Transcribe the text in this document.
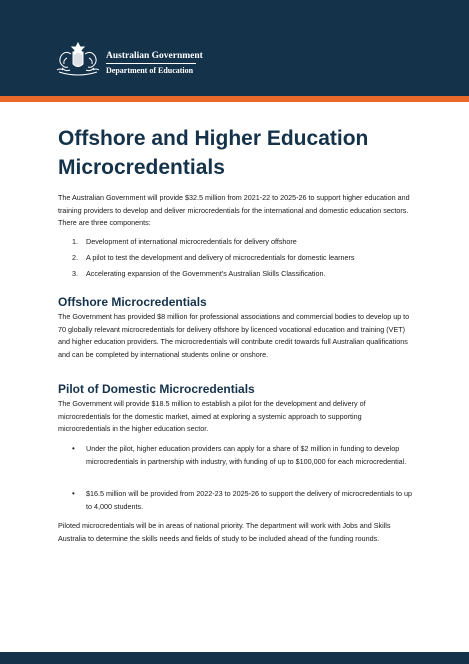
Australian Government
Department of Education
Offshore and Higher Education Microcredentials

The Australian Government will provide $32.5 million from 2021-22 to 2025-26 to support higher education and training providers to develop and deliver microcredentials for the international and domestic education sectors. There are three components:

1. Development of international microcredentials for delivery offshore
2. A pilot to test the development and delivery of microcredentials for domestic learners
3. Accelerating expansion of the Government's Australian Skills Classification.
Offshore Microcredentials

The Government has provided $8 million for professional associations and commercial bodies to develop up to 70 globally relevant microcredentials for delivery offshore by licenced vocational education and training (VET) and higher education providers. The microcredentials will contribute credit towards full Australian qualifications and can be completed by international students online or onshore.

Pilot of Domestic Microcredentials

The Government will provide $18.5 million to establish a pilot for the development and delivery of microcredentials for the domestic market, aimed at exploring a systemic approach to supporting microcredentials in the higher education sector.

•	Under the pilot, higher education providers can apply for a share of $2 million in funding to develop microcredentials in partnership with industry, with funding of up to $100,000 for each microcredential.
•	$16.5 million will be provided from 2022-23 to 2025-26 to support the delivery of microcredentials to up to 4,000 students.

Piloted microcredentials will be in areas of national priority. The department will work with Jobs and Skills Australia to determine the skills needs and fields of study to be included ahead of the funding rounds.
